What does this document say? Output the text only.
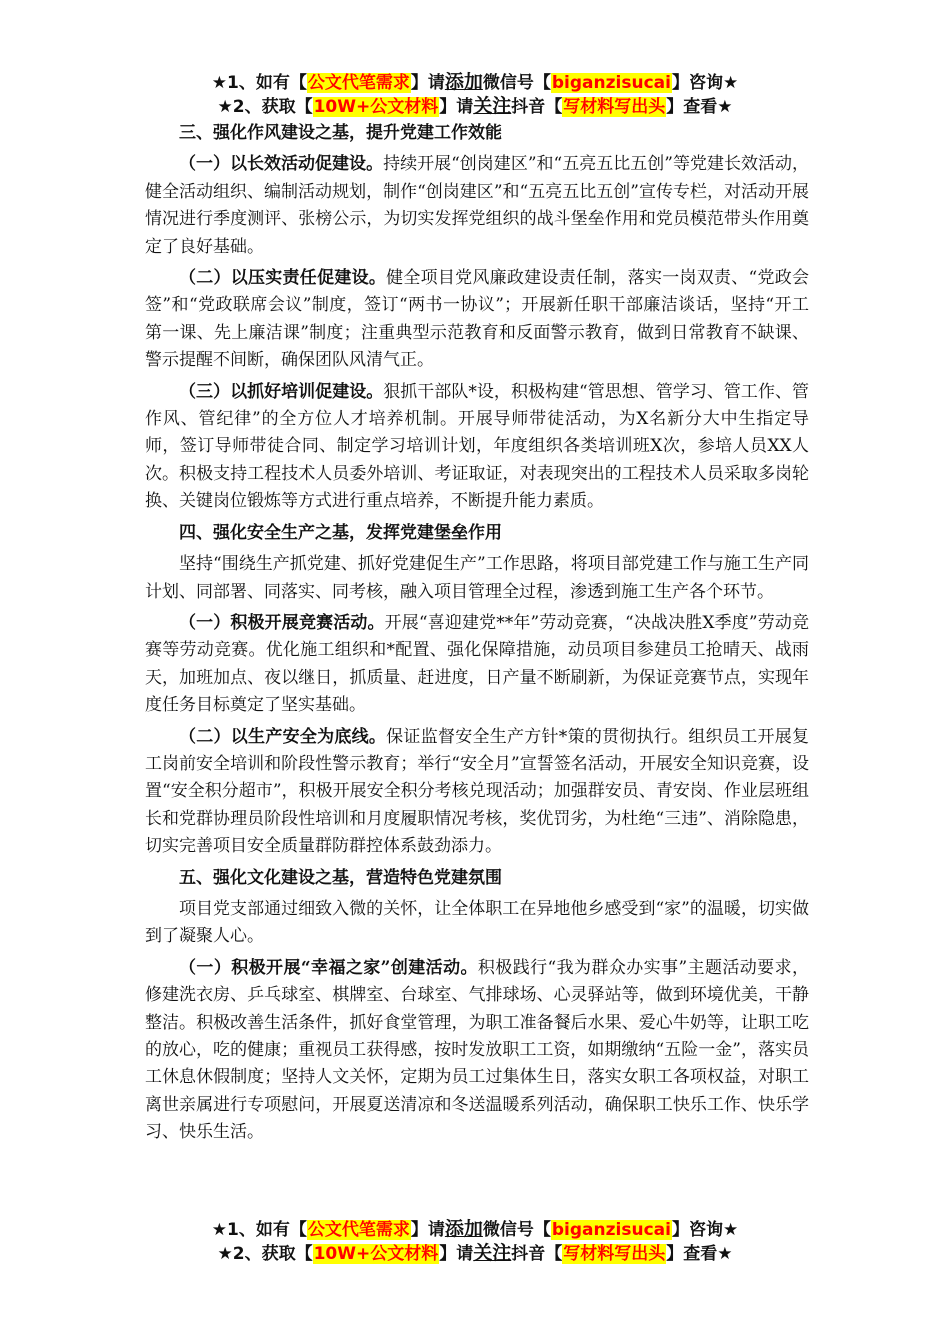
★1、如有【公文代笔需求】请添加微信号【biganzisucai】咨询★
★2、获取【10W+公文材料】请关注抖音【写材料写出头】查看★

三、强化作风建设之基，提升党建工作效能

（一）以长效活动促建设。持续开展“创岗建区”和“五亮五比五创”等党建长效活动，健全活动组织、编制活动规划，制作“创岗建区”和“五亮五比五创”宣传专栏，对活动开展情况进行季度测评、张榜公示，为切实发挥党组织的战斗堡垒作用和党员模范带头作用奠定了良好基础。

（二）以压实责任促建设。健全项目党风廉政建设责任制，落实一岗双责、“党政会签”和“党政联席会议”制度，签订“两书一协议”；开展新任职干部廉洁谈话，坚持“开工第一课、先上廉洁课”制度；注重典型示范教育和反面警示教育，做到日常教育不缺课、警示提醒不间断，确保团队风清气正。

（三）以抓好培训促建设。狠抓干部队*设，积极构建“管思想、管学习、管工作、管作风、管纪律”的全方位人才培养机制。开展导师带徒活动，为X名新分大中生指定导师，签订导师带徒合同、制定学习培训计划，年度组织各类培训班X次，参培人员XX人次。积极支持工程技术人员委外培训、考证取证，对表现突出的工程技术人员采取多岗轮换、关键岗位锻炼等方式进行重点培养，不断提升能力素质。

四、强化安全生产之基，发挥党建堡垒作用

坚持“围绕生产抓党建、抓好党建促生产”工作思路，将项目部党建工作与施工生产同计划、同部署、同落实、同考核，融入项目管理全过程，渗透到施工生产各个环节。

（一）积极开展竞赛活动。开展“喜迎建党**年”劳动竞赛，“决战决胜X季度”劳动竞赛等劳动竞赛。优化施工组织和*配置、强化保障措施，动员项目参建员工抢晴天、战雨天，加班加点、夜以继日，抓质量、赶进度，日产量不断刷新，为保证竞赛节点，实现年度任务目标奠定了坚实基础。

（二）以生产安全为底线。保证监督安全生产方针*策的贯彻执行。组织员工开展复工岗前安全培训和阶段性警示教育；举行“安全月”宣誓签名活动，开展安全知识竞赛，设置“安全积分超市”，积极开展安全积分考核兑现活动；加强群安员、青安岗、作业层班组长和党群协理员阶段性培训和月度履职情况考核，奖优罚劣，为杜绝“三违”、消除隐患，切实完善项目安全质量群防群控体系鼓劲添力。

五、强化文化建设之基，营造特色党建氛围

项目党支部通过细致入微的关怀，让全体职工在异地他乡感受到“家”的温暖，切实做到了凝聚人心。

（一）积极开展“幸福之家”创建活动。积极践行“我为群众办实事”主题活动要求，修建洗衣房、乒乓球室、棋牌室、台球室、气排球场、心灵驿站等，做到环境优美，干静整洁。积极改善生活条件，抓好食堂管理，为职工准备餐后水果、爱心牛奶等，让职工吃的放心，吃的健康；重视员工获得感，按时发放职工工资，如期缴纳“五险一金”，落实员工休息休假制度；坚持人文关怀，定期为员工过集体生日，落实女职工各项权益，对职工离世亲属进行专项慰问，开展夏送清凉和冬送温暖系列活动，确保职工快乐工作、快乐学习、快乐生活。

★1、如有【公文代笔需求】请添加微信号【biganzisucai】咨询★
★2、获取【10W+公文材料】请关注抖音【写材料写出头】查看★
